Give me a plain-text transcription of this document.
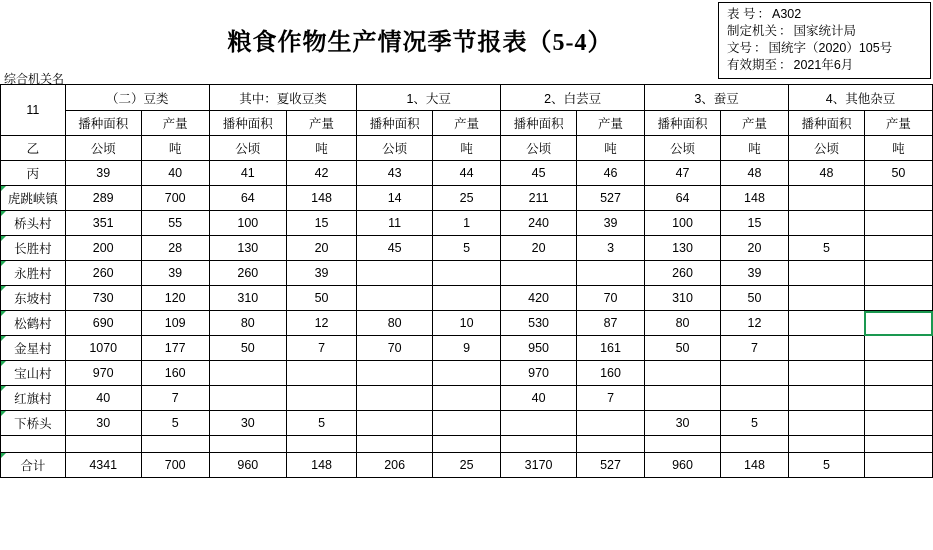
表 号 ： A302
制定机关 ： 国家统计局
文号 ： 国统字（2020）105号
有效期至 ： 2021年6月
粮食作物生产情况季节报表（5-4）
综合机关名
11	（二）豆类		其中：夏收豆类		1、大豆		2、白芸豆		3、蚕豆		4、其他杂豆	
	播种面积	产量	播种面积	产量	播种面积	产量	播种面积	产量	播种面积	产量	播种面积	产量
乙	公顷	吨	公顷	吨	公顷	吨	公顷	吨	公顷	吨	公顷	吨
丙	39	40	41	42	43	44	45	46	47	48	48	50
虎跳峡镇	289	700	64	148	14	25	211	527	64	148		
桥头村	351	55	100	15	11	1	240	39	100	15		
长胜村	200	28	130	20	45	5	20	3	130	20	5	
永胜村	260	39	260	39					260	39		
东坡村	730	120	310	50			420	70	310	50		
松鹤村	690	109	80	12	80	10	530	87	80	12		
金星村	1070	177	50	7	70	9	950	161	50	7		
宝山村	970	160					970	160				
红旗村	40	7					40	7				
下桥头	30	5	30	5					30	5		

合计	4341	700	960	148	206	25	3170	527	960	148	5	
